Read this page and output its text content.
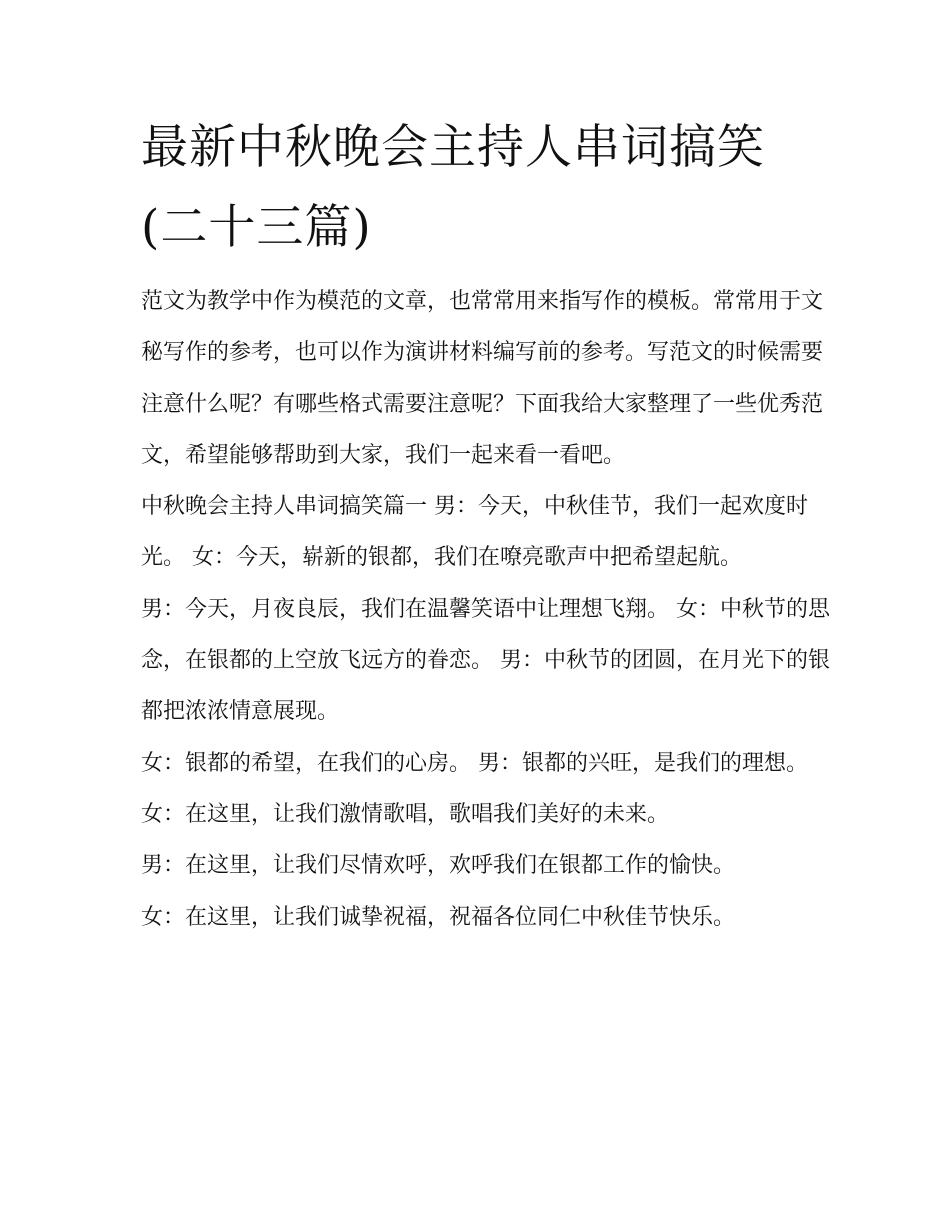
最新中秋晚会主持人串词搞笑
(二十三篇)

范文为教学中作为模范的文章，也常常用来指写作的模板。常常用于文秘写作的参考，也可以作为演讲材料编写前的参考。写范文的时候需要注意什么呢？有哪些格式需要注意呢？下面我给大家整理了一些优秀范文，希望能够帮助到大家，我们一起来看一看吧。

中秋晚会主持人串词搞笑篇一 男：今天，中秋佳节，我们一起欢度时光。 女：今天，崭新的银都，我们在嘹亮歌声中把希望起航。

男：今天，月夜良辰，我们在温馨笑语中让理想飞翔。 女：中秋节的思念，在银都的上空放飞远方的眷恋。 男：中秋节的团圆，在月光下的银都把浓浓情意展现。

女：银都的希望，在我们的心房。 男：银都的兴旺，是我们的理想。 女：在这里，让我们激情歌唱，歌唱我们美好的未来。

男：在这里，让我们尽情欢呼，欢呼我们在银都工作的愉快。

女：在这里，让我们诚挚祝福，祝福各位同仁中秋佳节快乐。
